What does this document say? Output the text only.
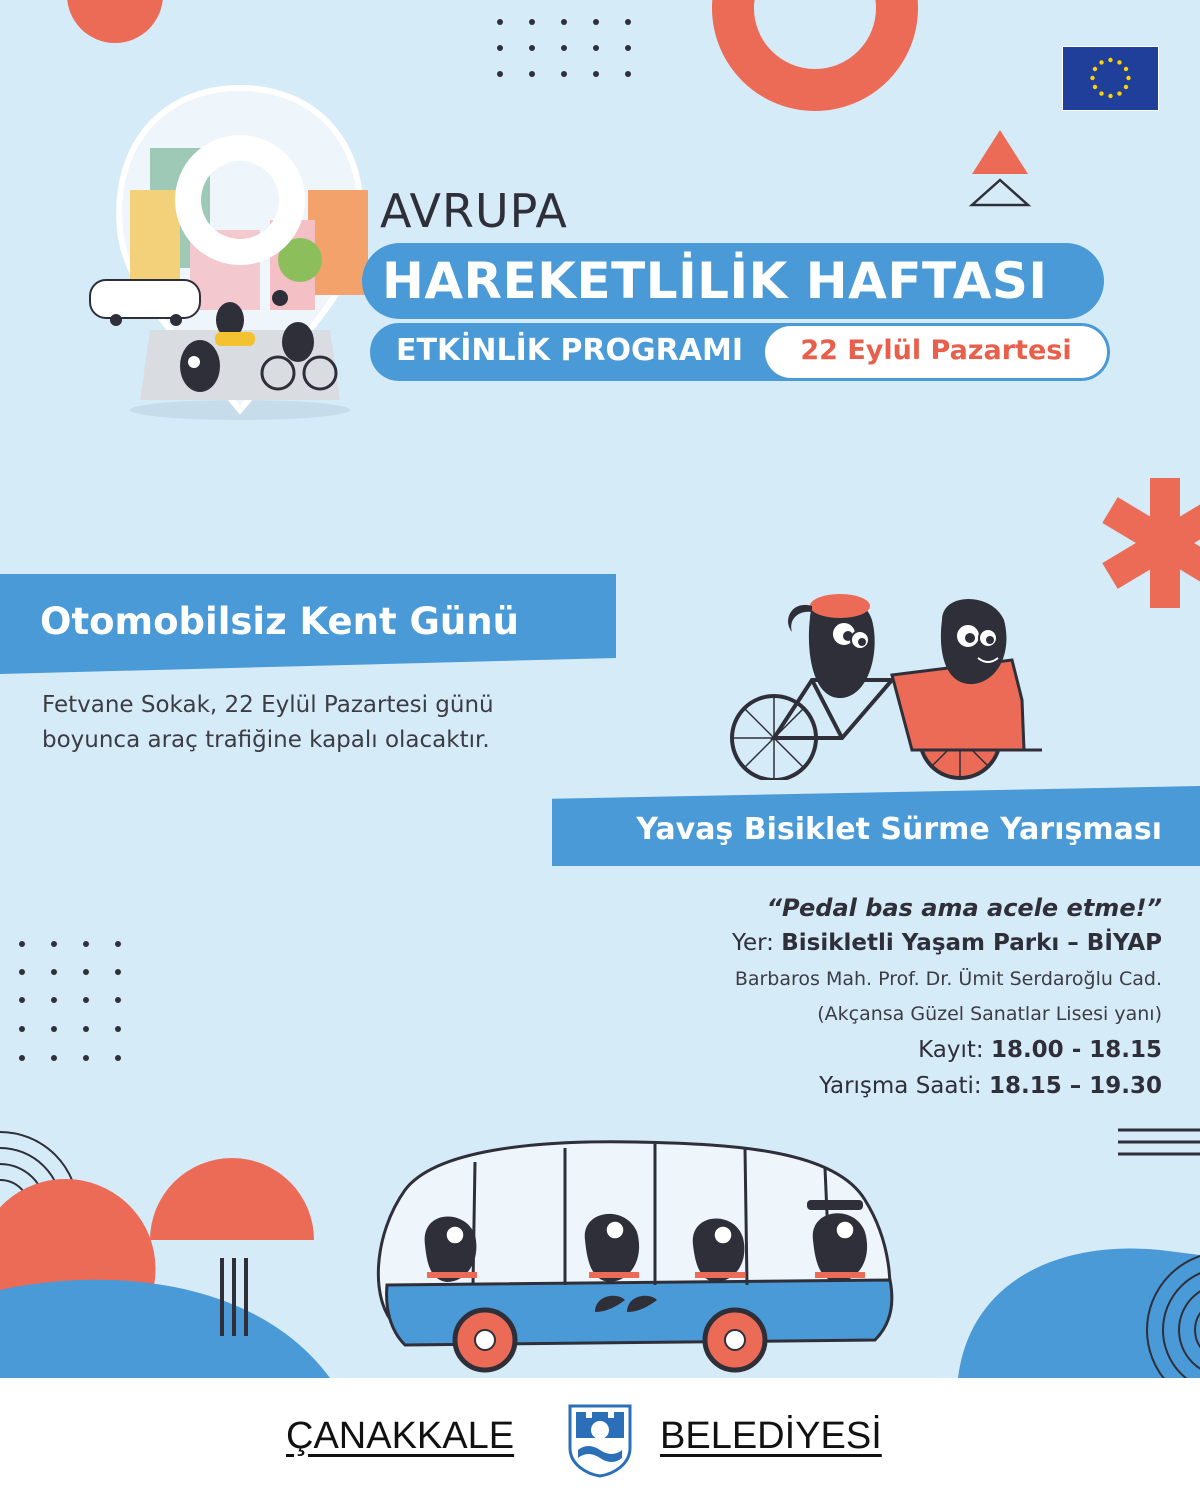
AVRUPA
HAREKETLİLİK HAFTASI
ETKİNLİK PROGRAMI	22 Eylül Pazartesi
Otomobilsiz Kent Günü
Fetvane Sokak, 22 Eylül Pazartesi günü
boyunca araç trafiğine kapalı olacaktır.
Yavaş Bisiklet Sürme Yarışması
“Pedal bas ama acele etme!”
Yer: Bisikletli Yaşam Parkı – BİYAP
Barbaros Mah. Prof. Dr. Ümit Serdaroğlu Cad.
(Akçansa Güzel Sanatlar Lisesi yanı)
Kayıt: 18.00 - 18.15
Yarışma Saati: 18.15 – 19.30
ÇANAKKALE	BELEDİYESİ
